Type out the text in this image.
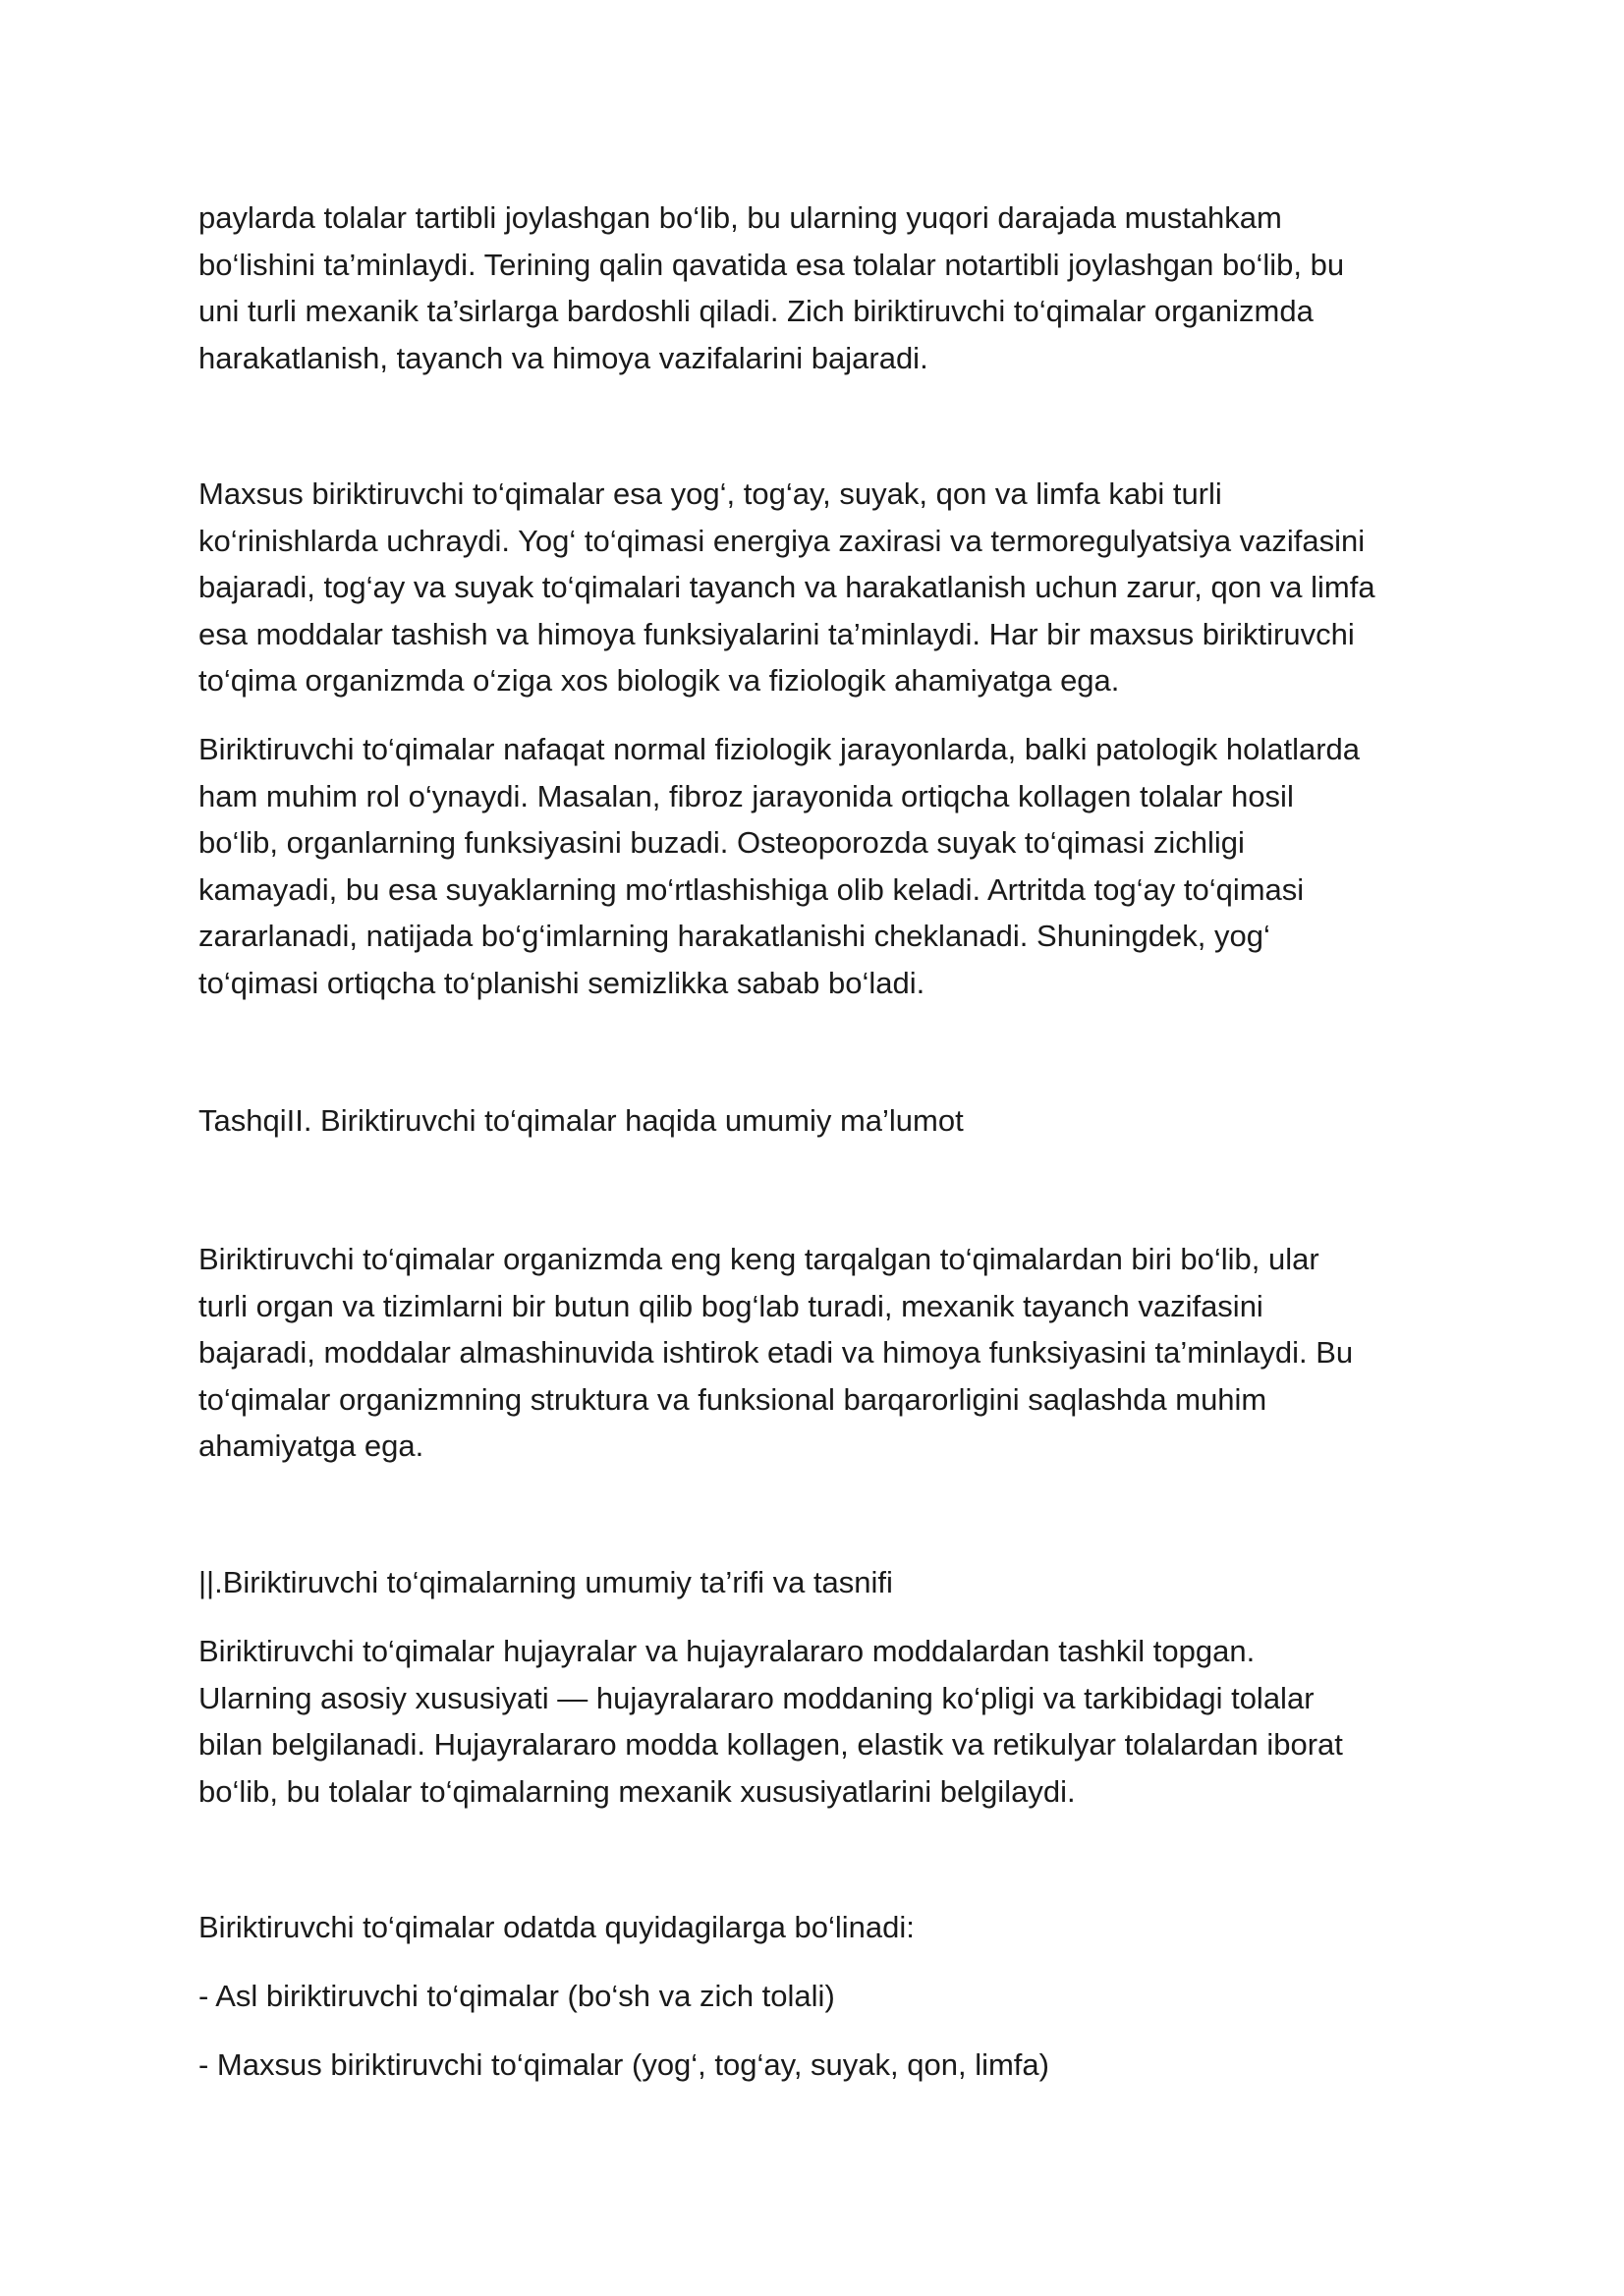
paylarda tolalar tartibli joylashgan bo‘lib, bu ularning yuqori darajada mustahkam
bo‘lishini ta’minlaydi. Terining qalin qavatida esa tolalar notartibli joylashgan bo‘lib, bu
uni turli mexanik ta’sirlarga bardoshli qiladi. Zich biriktiruvchi to‘qimalar organizmda
harakatlanish, tayanch va himoya vazifalarini bajaradi.

Maxsus biriktiruvchi to‘qimalar esa yog‘, tog‘ay, suyak, qon va limfa kabi turli
ko‘rinishlarda uchraydi. Yog‘ to‘qimasi energiya zaxirasi va termoregulyatsiya vazifasini
bajaradi, tog‘ay va suyak to‘qimalari tayanch va harakatlanish uchun zarur, qon va limfa
esa moddalar tashish va himoya funksiyalarini ta’minlaydi. Har bir maxsus biriktiruvchi
to‘qima organizmda o‘ziga xos biologik va fiziologik ahamiyatga ega.

Biriktiruvchi to‘qimalar nafaqat normal fiziologik jarayonlarda, balki patologik holatlarda
ham muhim rol o‘ynaydi. Masalan, fibroz jarayonida ortiqcha kollagen tolalar hosil
bo‘lib, organlarning funksiyasini buzadi. Osteoporozda suyak to‘qimasi zichligi
kamayadi, bu esa suyaklarning mo‘rtlashishiga olib keladi. Artritda tog‘ay to‘qimasi
zararlanadi, natijada bo‘g‘imlarning harakatlanishi cheklanadi. Shuningdek, yog‘
to‘qimasi ortiqcha to‘planishi semizlikka sabab bo‘ladi.

TashqiII. Biriktiruvchi to‘qimalar haqida umumiy ma’lumot

Biriktiruvchi to‘qimalar organizmda eng keng tarqalgan to‘qimalardan biri bo‘lib, ular
turli organ va tizimlarni bir butun qilib bog‘lab turadi, mexanik tayanch vazifasini
bajaradi, moddalar almashinuvida ishtirok etadi va himoya funksiyasini ta’minlaydi. Bu
to‘qimalar organizmning struktura va funksional barqarorligini saqlashda muhim
ahamiyatga ega.

||.Biriktiruvchi to‘qimalarning umumiy ta’rifi va tasnifi

Biriktiruvchi to‘qimalar hujayralar va hujayralararo moddalardan tashkil topgan.
Ularning asosiy xususiyati — hujayralararo moddaning ko‘pligi va tarkibidagi tolalar
bilan belgilanadi. Hujayralararo modda kollagen, elastik va retikulyar tolalardan iborat
bo‘lib, bu tolalar to‘qimalarning mexanik xususiyatlarini belgilaydi.

Biriktiruvchi to‘qimalar odatda quyidagilarga bo‘linadi:

- Asl biriktiruvchi to‘qimalar (bo‘sh va zich tolali)

- Maxsus biriktiruvchi to‘qimalar (yog‘, tog‘ay, suyak, qon, limfa)
